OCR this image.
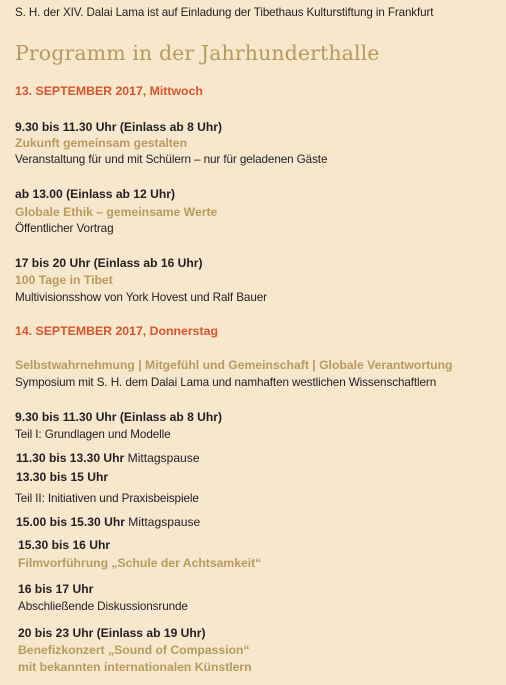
S. H. der XIV. Dalai Lama ist auf Einladung der Tibethaus Kulturstiftung in Frankfurt
Programm in der Jahrhunderthalle
13. SEPTEMBER 2017, Mittwoch
9.30 bis 11.30 Uhr (Einlass ab 8 Uhr)
Zukunft gemeinsam gestalten
Veranstaltung für und mit Schülern – nur für geladenen Gäste
ab 13.00 (Einlass ab 12 Uhr)
Globale Ethik – gemeinsame Werte
Öffentlicher Vortrag
17 bis 20 Uhr (Einlass ab 16 Uhr)
100 Tage in Tibet
Multivisionsshow von York Hovest und Ralf Bauer
14. SEPTEMBER 2017, Donnerstag
Selbstwahrnehmung | Mitgefühl und Gemeinschaft | Globale Verantwortung
Symposium mit S. H. dem Dalai Lama und namhaften westlichen Wissenschaftlern
9.30 bis 11.30 Uhr (Einlass ab 8 Uhr)
Teil I: Grundlagen und Modelle
11.30 bis 13.30 Uhr Mittagspause
13.30 bis 15 Uhr
Teil II: Initiativen und Praxisbeispiele
15.00 bis 15.30 Uhr Mittagspause
15.30 bis 16 Uhr
Filmvorführung „Schule der Achtsamkeit“
16 bis 17 Uhr
Abschließende Diskussionsrunde
20 bis 23 Uhr (Einlass ab 19 Uhr)
Benefizkonzert „Sound of Compassion“
mit bekannten internationalen Künstlern
